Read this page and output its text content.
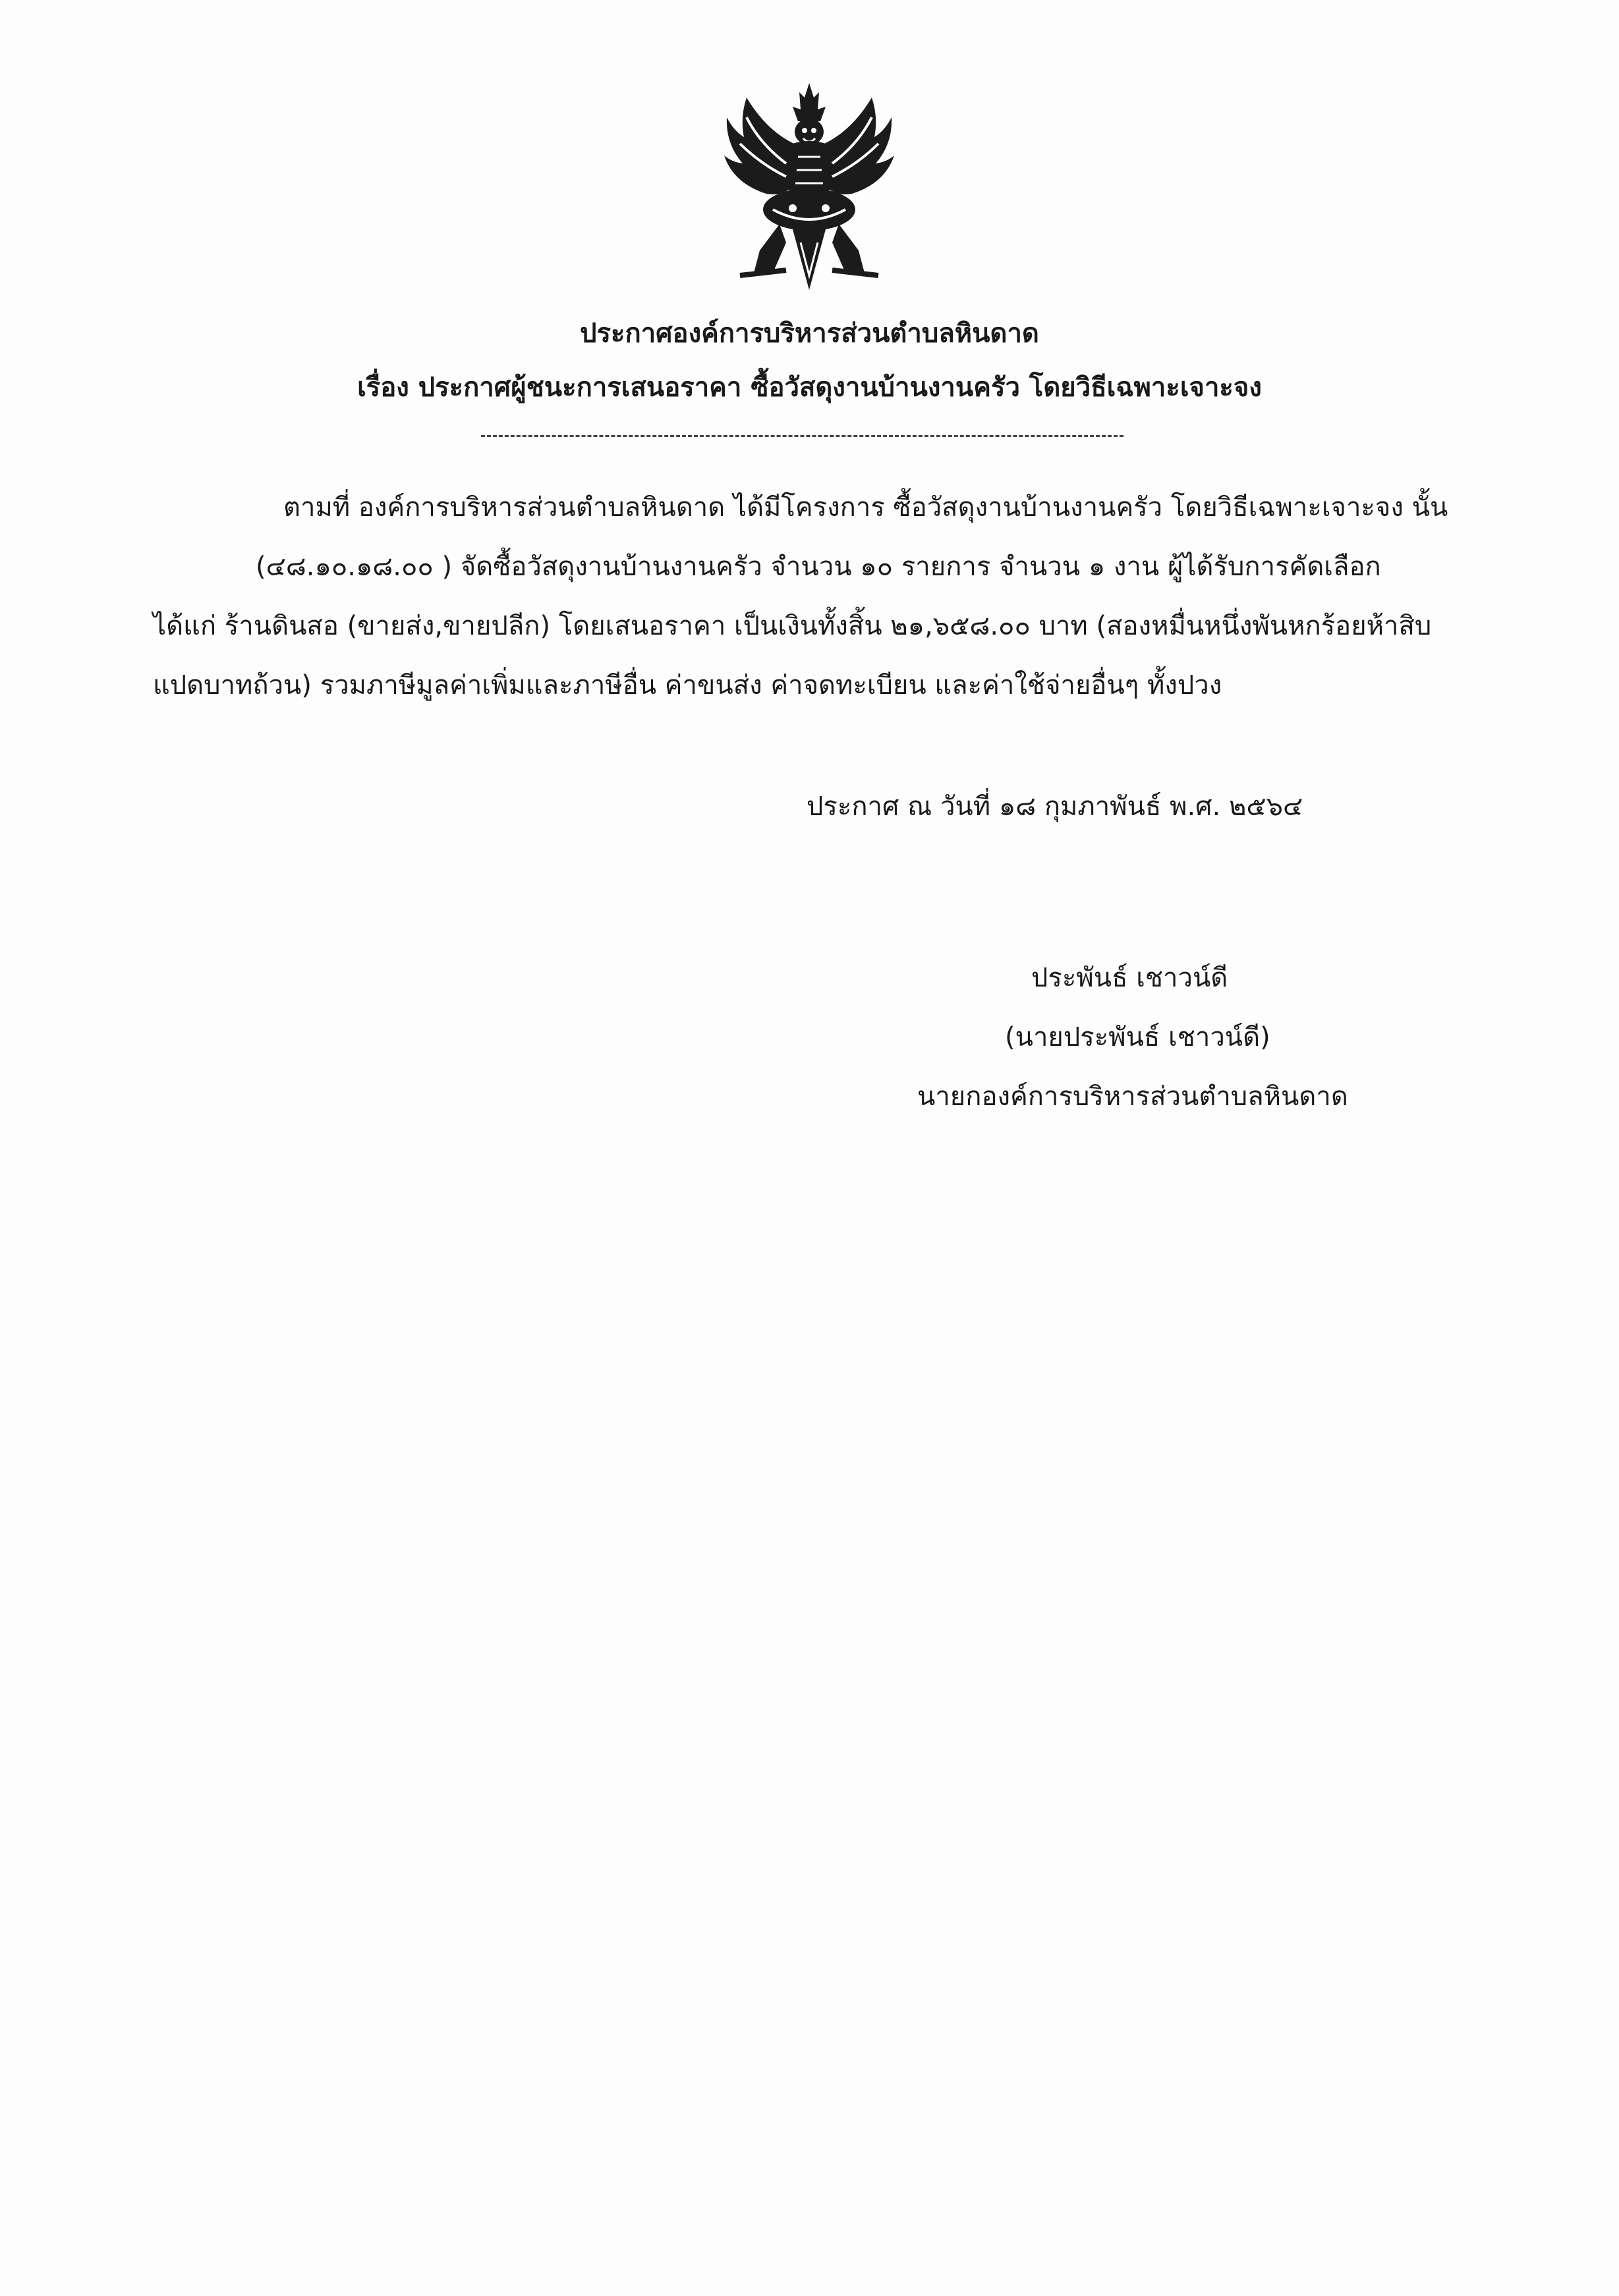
ประกาศองค์การบริหารส่วนตำบลหินดาด
เรื่อง ประกาศผู้ชนะการเสนอราคา ซื้อวัสดุงานบ้านงานครัว โดยวิธีเฉพาะเจาะจง
ตามที่ องค์การบริหารส่วนตำบลหินดาด ได้มีโครงการ ซื้อวัสดุงานบ้านงานครัว โดยวิธีเฉพาะเจาะจง นั้น
(๔๘.๑๐.๑๘.๐๐ ) จัดซื้อวัสดุงานบ้านงานครัว จำนวน ๑๐ รายการ จำนวน ๑ งาน ผู้ได้รับการคัดเลือก
ได้แก่ ร้านดินสอ (ขายส่ง,ขายปลีก) โดยเสนอราคา เป็นเงินทั้งสิ้น ๒๑,๖๕๘.๐๐ บาท (สองหมื่นหนึ่งพันหกร้อยห้าสิบ
แปดบาทถ้วน) รวมภาษีมูลค่าเพิ่มและภาษีอื่น ค่าขนส่ง ค่าจดทะเบียน และค่าใช้จ่ายอื่นๆ ทั้งปวง
ประกาศ ณ วันที่ ๑๘ กุมภาพันธ์ พ.ศ. ๒๕๖๔
ประพันธ์ เชาวน์ดี
(นายประพันธ์ เชาวน์ดี)
นายกองค์การบริหารส่วนตำบลหินดาด
